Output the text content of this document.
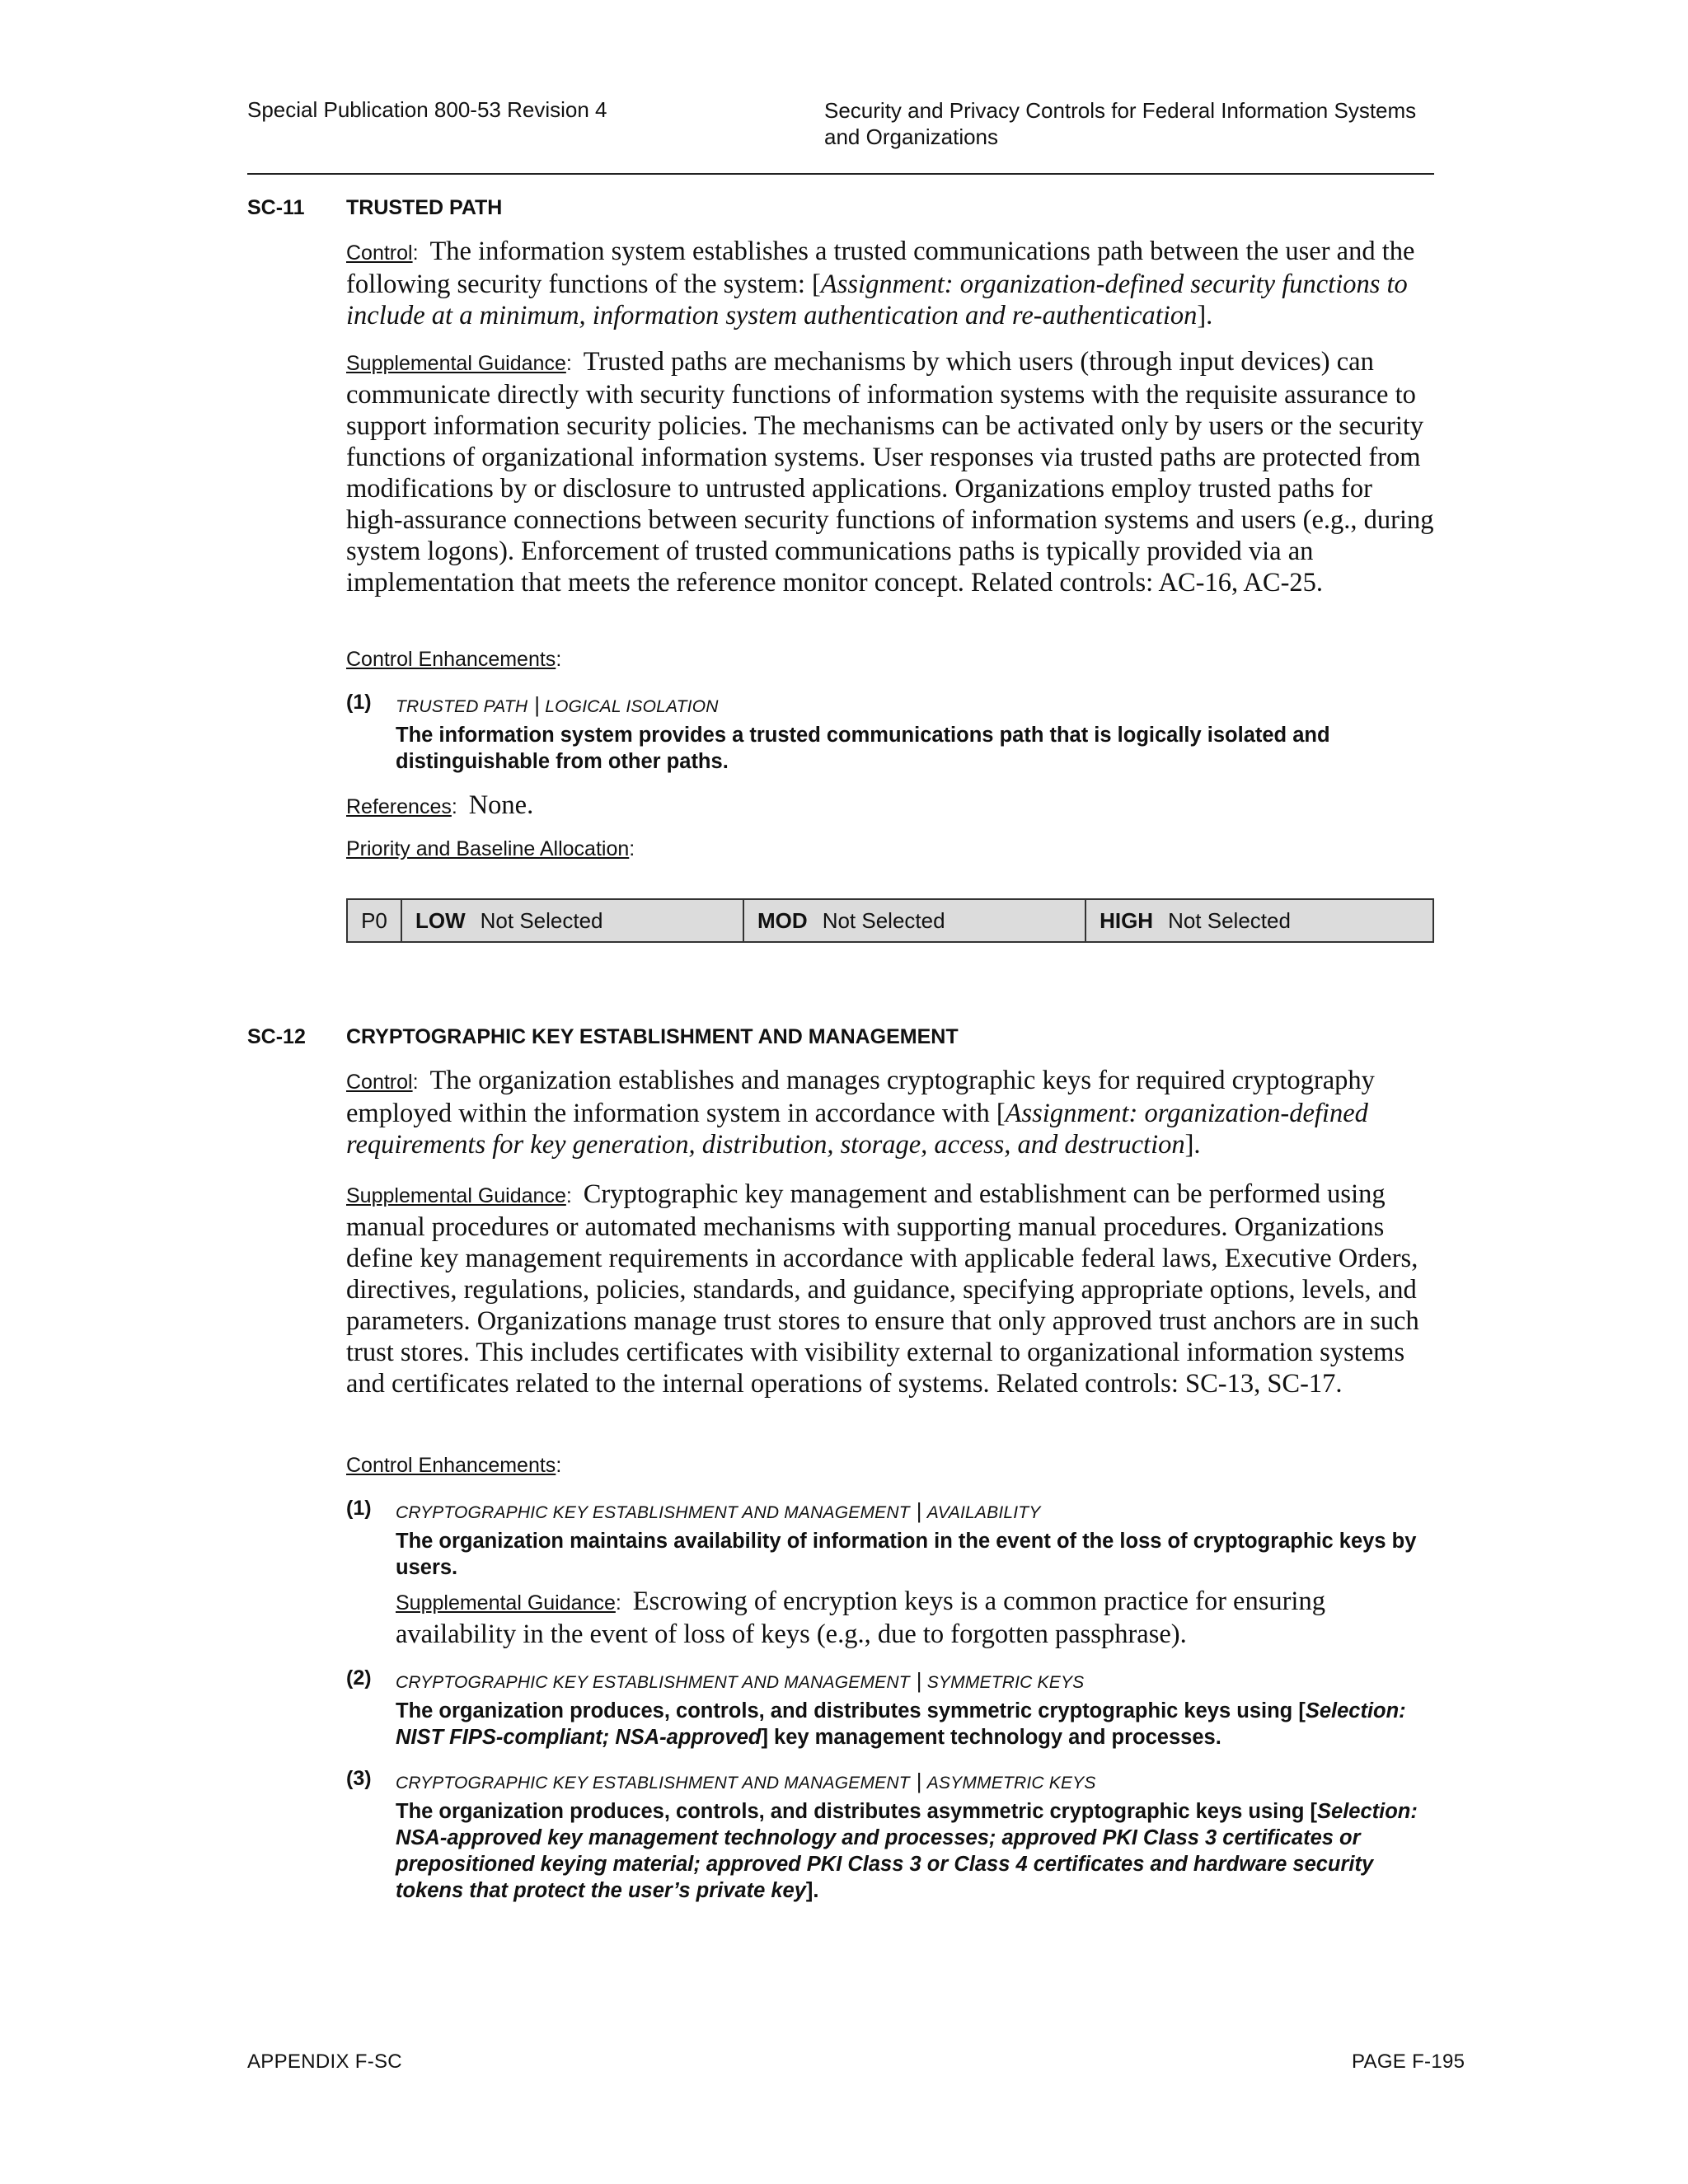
Special Publication 800-53 Revision 4	Security and Privacy Controls for Federal Information Systems and Organizations
SC-11 TRUSTED PATH
Control:  The information system establishes a trusted communications path between the user and the following security functions of the system: [Assignment: organization-defined security functions to include at a minimum, information system authentication and re-authentication].
Supplemental Guidance:  Trusted paths are mechanisms by which users (through input devices) can communicate directly with security functions of information systems with the requisite assurance to support information security policies. The mechanisms can be activated only by users or the security functions of organizational information systems. User responses via trusted paths are protected from modifications by or disclosure to untrusted applications. Organizations employ trusted paths for high-assurance connections between security functions of information systems and users (e.g., during system logons). Enforcement of trusted communications paths is typically provided via an implementation that meets the reference monitor concept. Related controls: AC-16, AC-25.
Control Enhancements:
(1) TRUSTED PATH | LOGICAL ISOLATION
The information system provides a trusted communications path that is logically isolated and distinguishable from other paths.
References:  None.
Priority and Baseline Allocation:
P0	LOW Not Selected	MOD Not Selected	HIGH Not Selected
SC-12 CRYPTOGRAPHIC KEY ESTABLISHMENT AND MANAGEMENT
Control:  The organization establishes and manages cryptographic keys for required cryptography employed within the information system in accordance with [Assignment: organization-defined requirements for key generation, distribution, storage, access, and destruction].
Supplemental Guidance:  Cryptographic key management and establishment can be performed using manual procedures or automated mechanisms with supporting manual procedures. Organizations define key management requirements in accordance with applicable federal laws, Executive Orders, directives, regulations, policies, standards, and guidance, specifying appropriate options, levels, and parameters. Organizations manage trust stores to ensure that only approved trust anchors are in such trust stores. This includes certificates with visibility external to organizational information systems and certificates related to the internal operations of systems. Related controls: SC-13, SC-17.
Control Enhancements:
(1) CRYPTOGRAPHIC KEY ESTABLISHMENT AND MANAGEMENT | AVAILABILITY
The organization maintains availability of information in the event of the loss of cryptographic keys by users.
Supplemental Guidance:  Escrowing of encryption keys is a common practice for ensuring availability in the event of loss of keys (e.g., due to forgotten passphrase).
(2) CRYPTOGRAPHIC KEY ESTABLISHMENT AND MANAGEMENT | SYMMETRIC KEYS
The organization produces, controls, and distributes symmetric cryptographic keys using [Selection: NIST FIPS-compliant; NSA-approved] key management technology and processes.
(3) CRYPTOGRAPHIC KEY ESTABLISHMENT AND MANAGEMENT | ASYMMETRIC KEYS
The organization produces, controls, and distributes asymmetric cryptographic keys using [Selection: NSA-approved key management technology and processes; approved PKI Class 3 certificates or prepositioned keying material; approved PKI Class 3 or Class 4 certificates and hardware security tokens that protect the user’s private key].
APPENDIX F-SC	PAGE F-195
